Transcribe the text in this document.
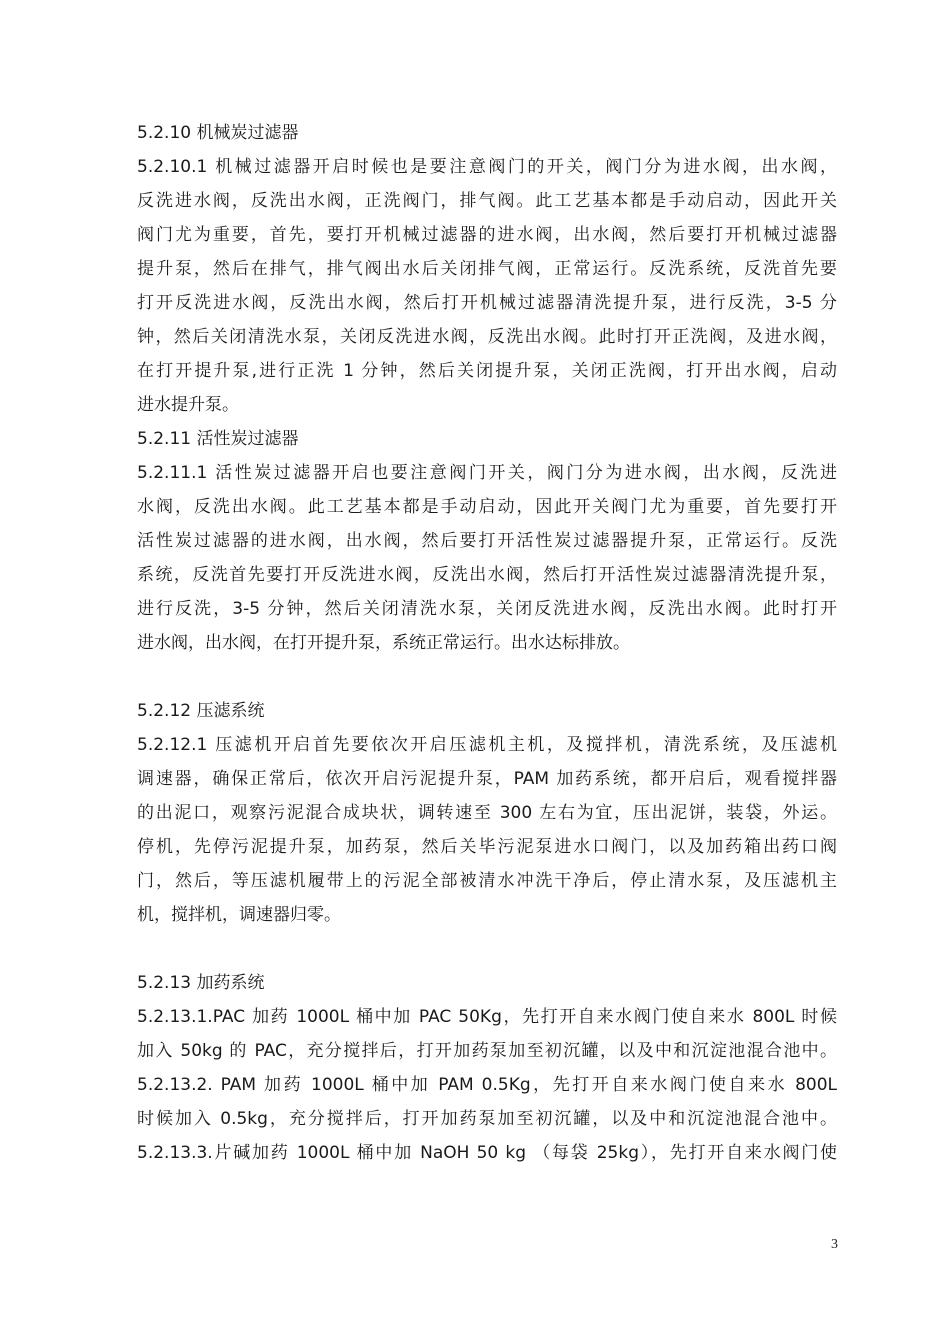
5.2.10 机械炭过滤器
5.2.10.1 机械过滤器开启时候也是要注意阀门的开关，阀门分为进水阀，出水阀，
反洗进水阀，反洗出水阀，正洗阀门，排气阀。此工艺基本都是手动启动，因此开关
阀门尤为重要，首先，要打开机械过滤器的进水阀，出水阀，然后要打开机械过滤器
提升泵，然后在排气，排气阀出水后关闭排气阀，正常运行。反洗系统，反洗首先要
打开反洗进水阀，反洗出水阀，然后打开机械过滤器清洗提升泵，进行反洗，3-5 分
钟，然后关闭清洗水泵，关闭反洗进水阀，反洗出水阀。此时打开正洗阀，及进水阀，
在打开提升泵,进行正洗 1 分钟，然后关闭提升泵，关闭正洗阀，打开出水阀，启动
进水提升泵。
5.2.11 活性炭过滤器
5.2.11.1 活性炭过滤器开启也要注意阀门开关，阀门分为进水阀，出水阀，反洗进
水阀，反洗出水阀。此工艺基本都是手动启动，因此开关阀门尤为重要，首先要打开
活性炭过滤器的进水阀，出水阀，然后要打开活性炭过滤器提升泵，正常运行。反洗
系统，反洗首先要打开反洗进水阀，反洗出水阀，然后打开活性炭过滤器清洗提升泵，
进行反洗，3-5 分钟，然后关闭清洗水泵，关闭反洗进水阀，反洗出水阀。此时打开
进水阀，出水阀，在打开提升泵，系统正常运行。出水达标排放。
5.2.12 压滤系统
5.2.12.1 压滤机开启首先要依次开启压滤机主机，及搅拌机，清洗系统，及压滤机
调速器，确保正常后，依次开启污泥提升泵，PAM 加药系统，都开启后，观看搅拌器
的出泥口，观察污泥混合成块状，调转速至 300 左右为宜，压出泥饼，装袋，外运。
停机，先停污泥提升泵，加药泵，然后关毕污泥泵进水口阀门，以及加药箱出药口阀
门，然后，等压滤机履带上的污泥全部被清水冲洗干净后，停止清水泵，及压滤机主
机，搅拌机，调速器归零。
5.2.13 加药系统
5.2.13.1.PAC 加药 1000L 桶中加 PAC 50Kg，先打开自来水阀门使自来水 800L 时候
加入 50kg 的 PAC，充分搅拌后，打开加药泵加至初沉罐，以及中和沉淀池混合池中。
5.2.13.2. PAM 加药 1000L 桶中加 PAM 0.5Kg，先打开自来水阀门使自来水 800L
时候加入 0.5kg，充分搅拌后，打开加药泵加至初沉罐，以及中和沉淀池混合池中。
5.2.13.3.片碱加药 1000L 桶中加 NaOH 50 kg （每袋 25kg），先打开自来水阀门使
3
